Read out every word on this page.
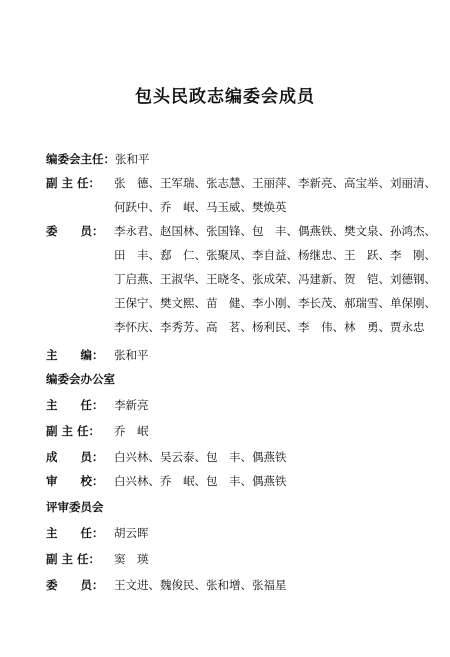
包头民政志编委会成员
编委会主任：张和平
副 主 任： 张　德、王军瑞、张志慧、王丽萍、李新亮、高宝举、刘丽清、
何跃中、乔　岷、马玉威、樊焕英
委　　员： 李永君、赵国林、张国锋、包　丰、偶燕铁、樊文泉、孙鸿杰、
田　丰、郄　仁、张聚凤、李自益、杨继忠、王　跃、李　刚、
丁启燕、王淑华、王晓冬、张成荣、冯建新、贺　铠、刘德钢、
王保宁、樊文熙、苗　健、李小刚、李长茂、郝瑞雪、单保刚、
李怀庆、李秀芳、高　茗、杨利民、李　伟、林　勇、贾永忠
主　　编： 张和平
编委会办公室
主　　任： 李新亮
副 主 任： 乔　岷
成　　员： 白兴林、吴云泰、包　丰、偶燕铁
审　　校： 白兴林、乔　岷、包　丰、偶燕铁
评审委员会
主　　任： 胡云晖
副 主 任： 窦　瑛
委　　员： 王文进、魏俊民、张和增、张福星
